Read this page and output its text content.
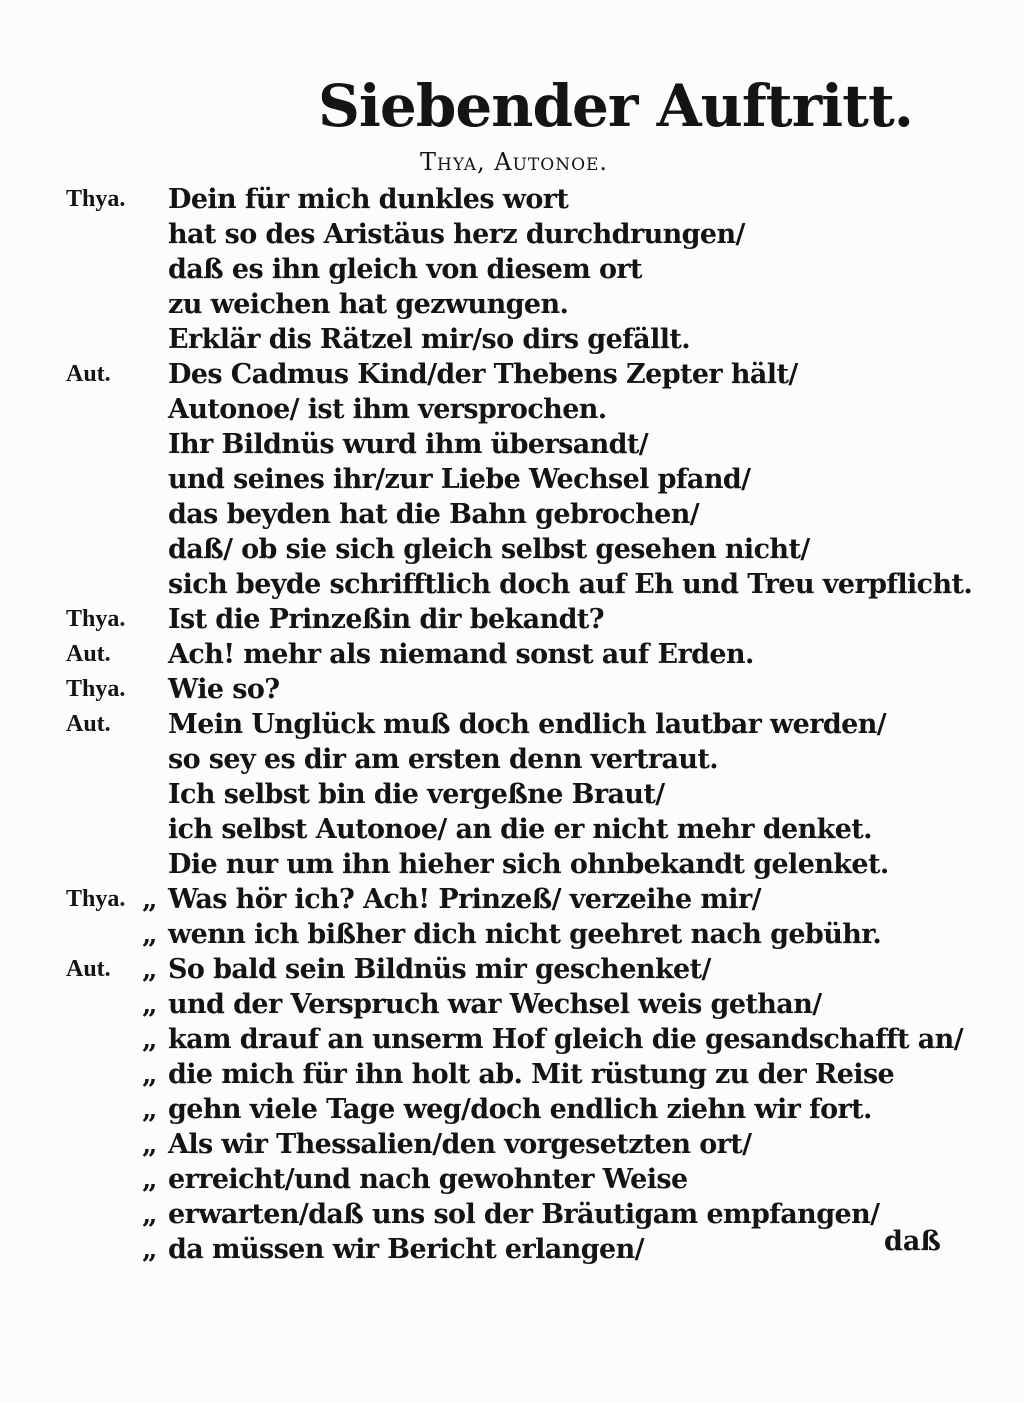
Siebender Auftritt.
Thya, Autonoe.
Thya. Dein für mich dunkles wort
hat so des Aristäus herz durchdrungen/
daß es ihn gleich von diesem ort
zu weichen hat gezwungen.
Erklär dis Rätzel mir/so dirs gefällt.
Aut. Des Cadmus Kind/der Thebens Zepter hält/
Autonoe/ ist ihm versprochen.
Ihr Bildnüs wurd ihm übersandt/
und seines ihr/zur Liebe Wechsel pfand/
das beyden hat die Bahn gebrochen/
daß/ ob sie sich gleich selbst gesehen nicht/
sich beyde schrifftlich doch auf Eh und Treu verpflicht.
Thya. Ist die Prinzeßin dir bekandt?
Aut. Ach! mehr als niemand sonst auf Erden.
Thya. Wie so?
Aut. Mein Unglück muß doch endlich lautbar werden/
so sey es dir am ersten denn vertraut.
Ich selbst bin die vergeßne Braut/
ich selbst Autonoe/ an die er nicht mehr denket.
Die nur um ihn hieher sich ohnbekandt gelenket.
Thya. „ Was hör ich? Ach! Prinzeß/ verzeihe mir/
„ wenn ich bißher dich nicht geehret nach gebühr.
Aut. „ So bald sein Bildnüs mir geschenket/
„ und der Verspruch war Wechsel weis gethan/
„ kam drauf an unserm Hof gleich die gesandschafft an/
„ die mich für ihn holt ab. Mit rüstung zu der Reise
„ gehn viele Tage weg/doch endlich ziehn wir fort.
„ Als wir Thessalien/den vorgesetzten ort/
„ erreicht/und nach gewohnter Weise
„ erwarten/daß uns sol der Bräutigam empfangen/
„ da müssen wir Bericht erlangen/	daß
